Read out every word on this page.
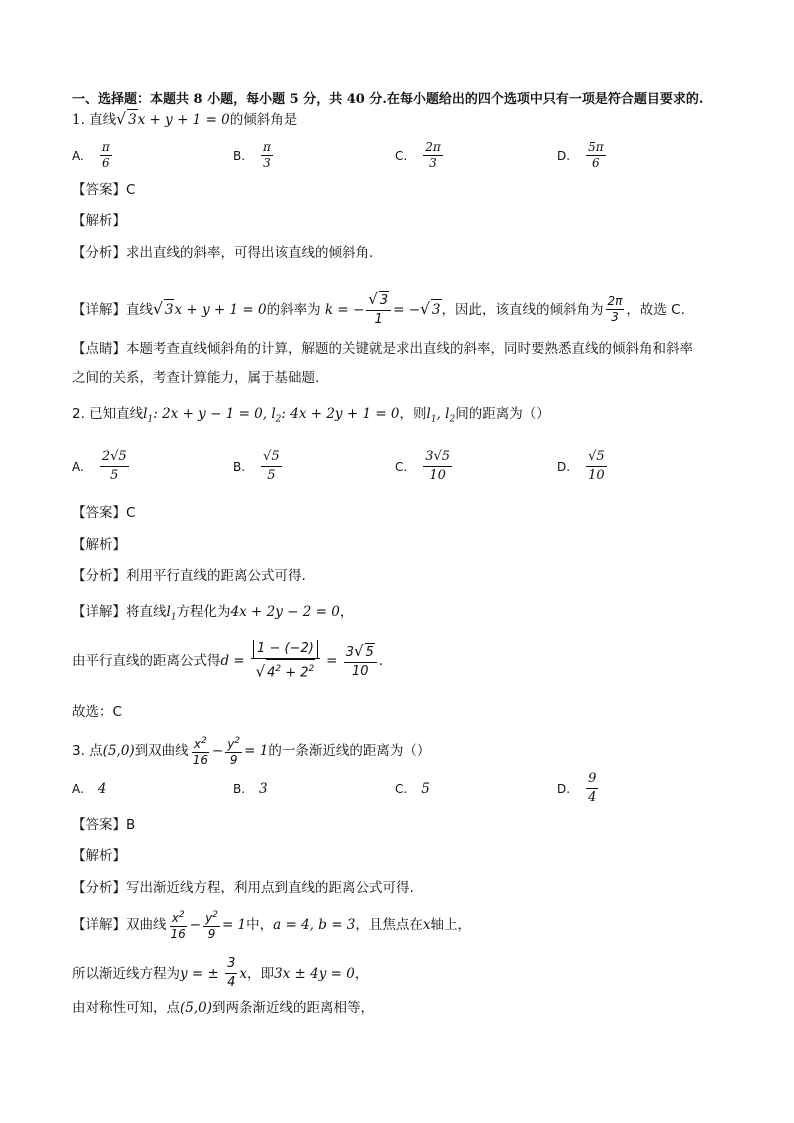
一、选择题：本题共 8 小题，每小题 5 分，共 40 分.在每小题给出的四个选项中只有一项是符合题目要求的.
1. 直线√ 3x + y + 1 = 0的倾斜角是
A. $\frac{\pi}{6}$	B. $\frac{\pi}{3}$	C. $\frac{2\pi}{3}$	D. $\frac{5\pi}{6}$
【答案】C
【解析】
【分析】求出直线的斜率，可得出该直线的倾斜角.
【详解】直线 √ 3x + y + 1 = 0 的斜率为 k = − $\frac{√ 3}{1}$ = −√ 3 ，因此，该直线的倾斜角为 $\frac{2\pi}{3}$ ，故选 C.
【点睛】本题考查直线倾斜角的计算，解题的关键就是求出直线的斜率，同时要熟悉直线的倾斜角和斜率
之间的关系，考查计算能力，属于基础题.
2. 已知直线$l_1$: 2x + y − 1 = 0, $l_2$: 4x + 2y + 1 = 0，则$l_1$, $l_2$间的距离为（）
A. $\frac{2√5}{5}$	B. $\frac{√5}{5}$	C. $\frac{3√5}{10}$	D. $\frac{√5}{10}$
【答案】C
【解析】
【分析】利用平行直线的距离公式可得.
【详解】将直线$l_1$方程化为4x + 2y − 2 = 0，
由平行直线的距离公式得 $d = \frac{1 - (-2)}{√ 4^2 + 2^2} = \frac{3√ 5}{10}$ .
故选：C
3. 点 (5,0) 到双曲线 $\frac{x^2}{16} - \frac{y^2}{9} = 1$ 的一条渐近线的距离为（）
A. 4	B. 3	C. 5	D. $\frac{9}{4}$
【答案】B
【解析】
【分析】写出渐近线方程，利用点到直线的距离公式可得.
【详解】双曲线 $\frac{x^2}{16} - \frac{y^2}{9} = 1$ 中， a = 4, b = 3 ，且焦点在 x 轴上，
所以渐近线方程为 y = ± $\frac{3}{4}$ x ，即 3x ± 4y = 0 ，
由对称性可知，点(5,0)到两条渐近线的距离相等，
